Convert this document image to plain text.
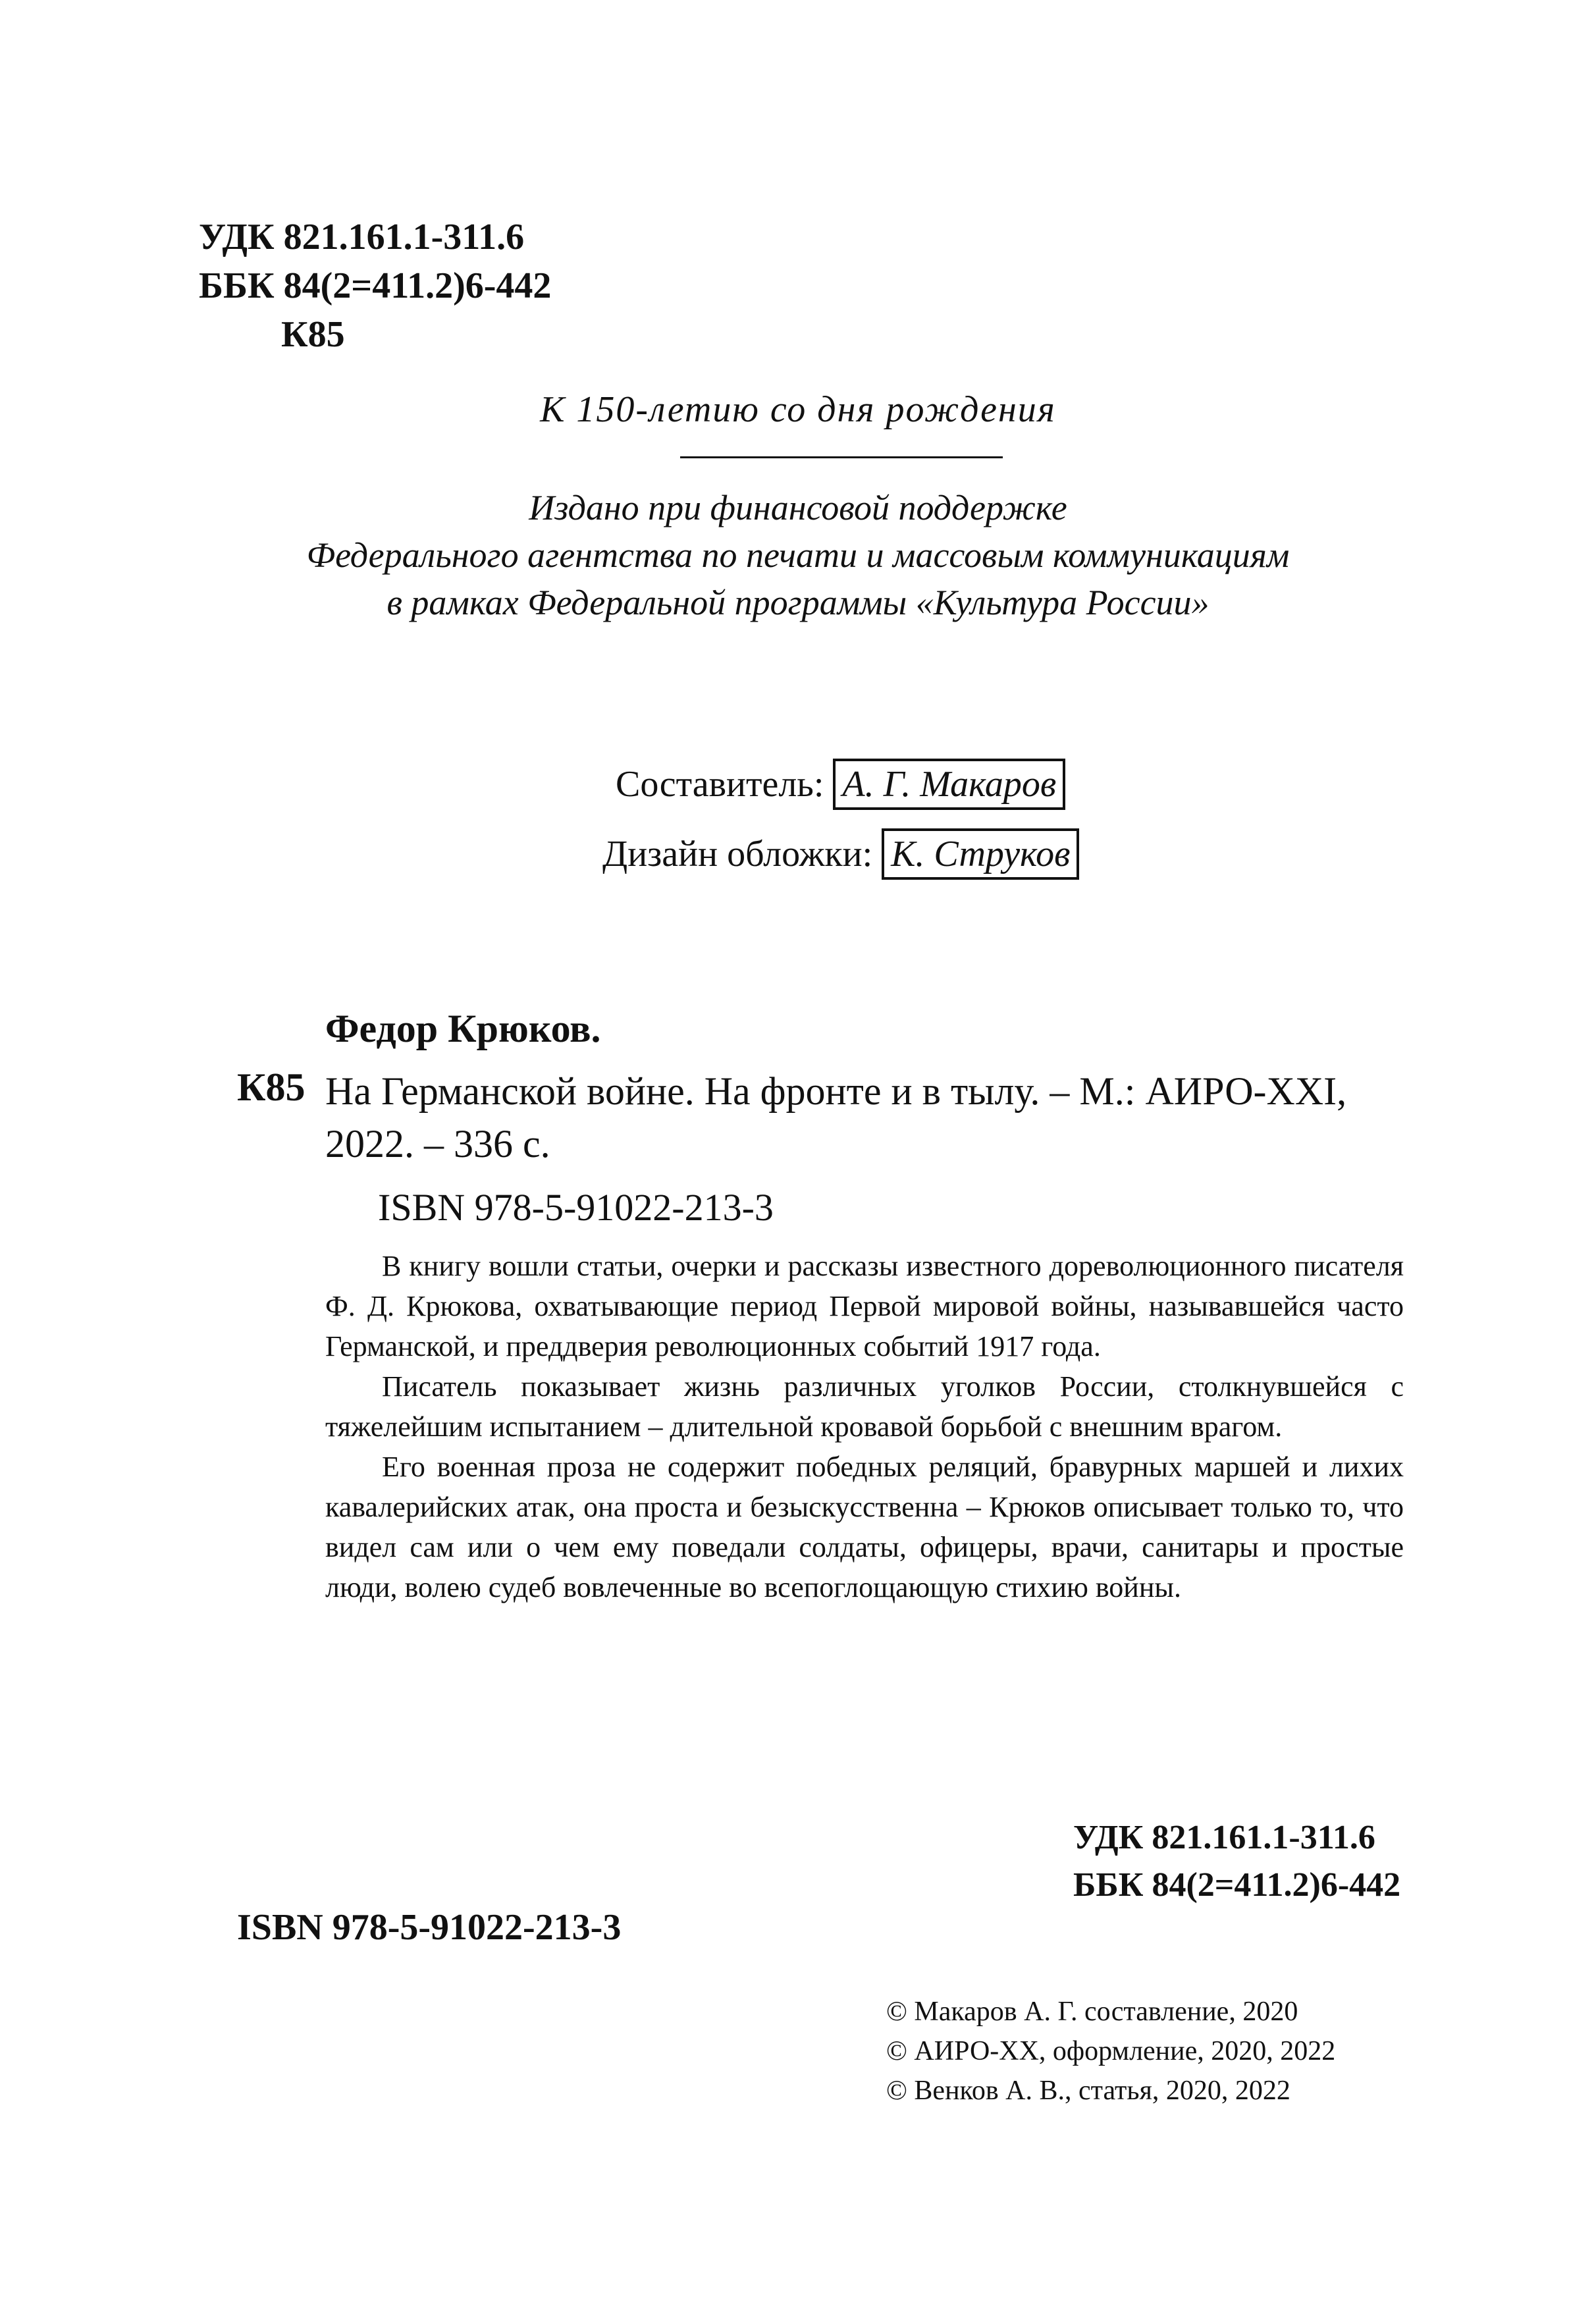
УДК 821.161.1-311.6
ББК 84(2=411.2)6-442
К85
К 150-летию со дня рождения
Издано при финансовой поддержке
Федерального агентства по печати и массовым коммуникациям
в рамках Федеральной программы «Культура России»
Составитель: А. Г. Макаров
Дизайн обложки: К. Струков
Федор Крюков.
К85 На Германской войне. На фронте и в тылу. – М.: АИРО-XXI,
2022. – 336 с.
ISBN 978-5-91022-213-3

В книгу вошли статьи, очерки и рассказы известного дореволюционного писателя Ф. Д. Крюкова, охватывающие период Первой мировой войны, называвшейся часто Германской, и преддверия революционных событий 1917 года.

Писатель показывает жизнь различных уголков России, столкнувшейся с тяжелейшим испытанием – длительной кровавой борьбой с внешним врагом.

Его военная проза не содержит победных реляций, бравурных маршей и лихих кавалерийских атак, она проста и безыскусственна – Крюков описывает только то, что видел сам или о чем ему поведали солдаты, офицеры, врачи, санитары и простые люди, волею судеб вовлеченные во всепоглощающую стихию войны.

УДК 821.161.1-311.6
ББК 84(2=411.2)6-442
ISBN 978-5-91022-213-3
© Макаров А. Г. составление, 2020
© АИРО-ХХ, оформление, 2020, 2022
© Венков А. В., статья, 2020, 2022
